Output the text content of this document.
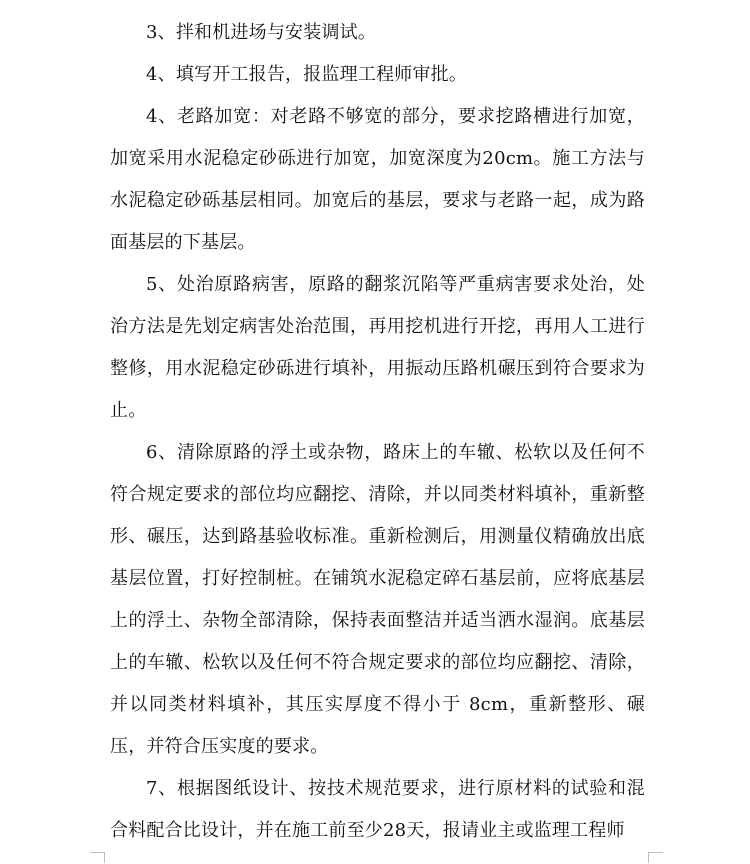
3、拌和机进场与安装调试。

4、填写开工报告，报监理工程师审批。

4、老路加宽：对老路不够宽的部分，要求挖路槽进行加宽，加宽采用水泥稳定砂砾进行加宽，加宽深度为20cm。施工方法与水泥稳定砂砾基层相同。加宽后的基层，要求与老路一起，成为路面基层的下基层。

5、处治原路病害，原路的翻浆沉陷等严重病害要求处治，处治方法是先划定病害处治范围，再用挖机进行开挖，再用人工进行整修，用水泥稳定砂砾进行填补，用振动压路机碾压到符合要求为止。

6、清除原路的浮土或杂物，路床上的车辙、松软以及任何不符合规定要求的部位均应翻挖、清除，并以同类材料填补，重新整形、碾压，达到路基验收标准。重新检测后，用测量仪精确放出底基层位置，打好控制桩。在铺筑水泥稳定碎石基层前，应将底基层上的浮土、杂物全部清除，保持表面整洁并适当洒水湿润。底基层上的车辙、松软以及任何不符合规定要求的部位均应翻挖、清除，并以同类材料填补，其压实厚度不得小于 8cm，重新整形、碾压，并符合压实度的要求。

7、根据图纸设计、按技术规范要求，进行原材料的试验和混合料配合比设计，并在施工前至少28天，报请业主或监理工程师
